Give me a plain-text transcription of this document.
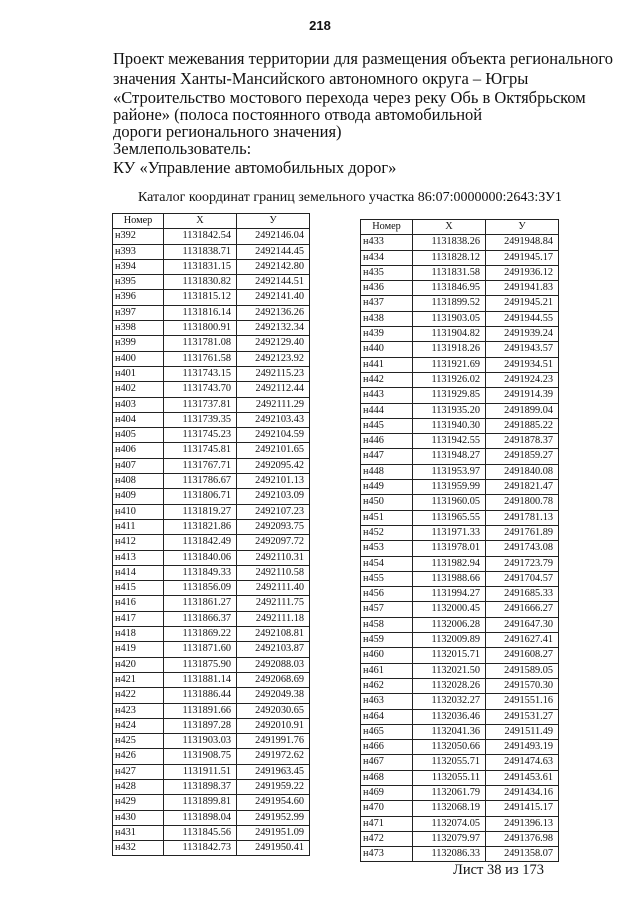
218
Проект межевания территории для размещения объекта регионального
значения Ханты-Мансийского автономного округа – Югры
«Строительство мостового перехода через реку Обь в Октябрьском
районе» (полоса постоянного отвода автомобильной
дороги регионального значения)
Землепользователь:
КУ «Управление автомобильных дорог»
Каталог координат границ земельного участка 86:07:0000000:2643:ЗУ1
Номер	X	У
н392	1131842.54	2492146.04
н393	1131838.71	2492144.45
н394	1131831.15	2492142.80
н395	1131830.82	2492144.51
н396	1131815.12	2492141.40
н397	1131816.14	2492136.26
н398	1131800.91	2492132.34
н399	1131781.08	2492129.40
н400	1131761.58	2492123.92
н401	1131743.15	2492115.23
н402	1131743.70	2492112.44
н403	1131737.81	2492111.29
н404	1131739.35	2492103.43
н405	1131745.23	2492104.59
н406	1131745.81	2492101.65
н407	1131767.71	2492095.42
н408	1131786.67	2492101.13
н409	1131806.71	2492103.09
н410	1131819.27	2492107.23
н411	1131821.86	2492093.75
н412	1131842.49	2492097.72
н413	1131840.06	2492110.31
н414	1131849.33	2492110.58
н415	1131856.09	2492111.40
н416	1131861.27	2492111.75
н417	1131866.37	2492111.18
н418	1131869.22	2492108.81
н419	1131871.60	2492103.87
н420	1131875.90	2492088.03
н421	1131881.14	2492068.69
н422	1131886.44	2492049.38
н423	1131891.66	2492030.65
н424	1131897.28	2492010.91
н425	1131903.03	2491991.76
н426	1131908.75	2491972.62
н427	1131911.51	2491963.45
н428	1131898.37	2491959.22
н429	1131899.81	2491954.60
н430	1131898.04	2491952.99
н431	1131845.56	2491951.09
н432	1131842.73	2491950.41
Номер	X	У
н433	1131838.26	2491948.84
н434	1131828.12	2491945.17
н435	1131831.58	2491936.12
н436	1131846.95	2491941.83
н437	1131899.52	2491945.21
н438	1131903.05	2491944.55
н439	1131904.82	2491939.24
н440	1131918.26	2491943.57
н441	1131921.69	2491934.51
н442	1131926.02	2491924.23
н443	1131929.85	2491914.39
н444	1131935.20	2491899.04
н445	1131940.30	2491885.22
н446	1131942.55	2491878.37
н447	1131948.27	2491859.27
н448	1131953.97	2491840.08
н449	1131959.99	2491821.47
н450	1131960.05	2491800.78
н451	1131965.55	2491781.13
н452	1131971.33	2491761.89
н453	1131978.01	2491743.08
н454	1131982.94	2491723.79
н455	1131988.66	2491704.57
н456	1131994.27	2491685.33
н457	1132000.45	2491666.27
н458	1132006.28	2491647.30
н459	1132009.89	2491627.41
н460	1132015.71	2491608.27
н461	1132021.50	2491589.05
н462	1132028.26	2491570.30
н463	1132032.27	2491551.16
н464	1132036.46	2491531.27
н465	1132041.36	2491511.49
н466	1132050.66	2491493.19
н467	1132055.71	2491474.63
н468	1132055.11	2491453.61
н469	1132061.79	2491434.16
н470	1132068.19	2491415.17
н471	1132074.05	2491396.13
н472	1132079.97	2491376.98
н473	1132086.33	2491358.07
Лист 38 из 173
